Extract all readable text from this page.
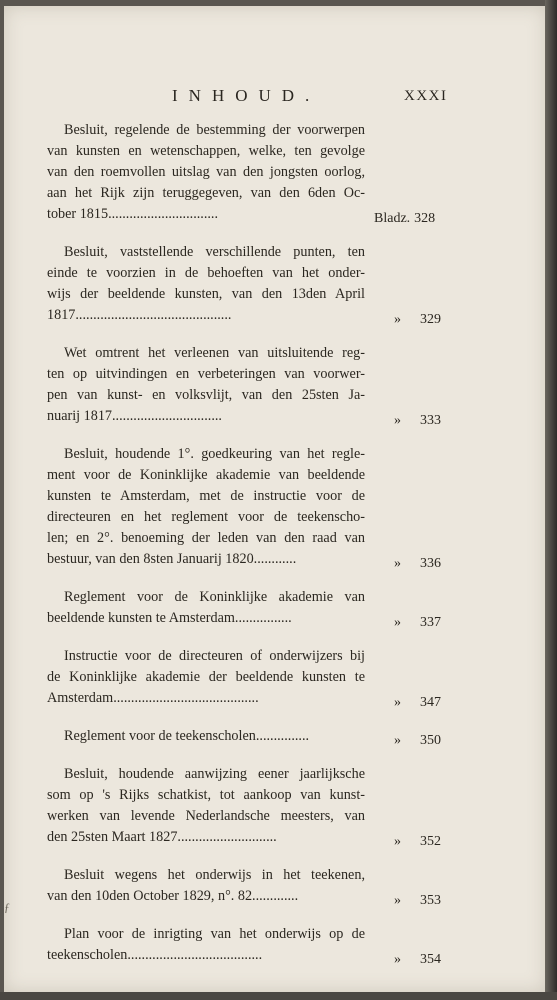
INHOUD.	XXXI
Besluit, regelende de bestemming der voorwerpen
van kunsten en wetenschappen, welke, ten gevolge
van den roemvollen uitslag van den jongsten oorlog,
aan het Rijk zijn teruggegeven, van den 6den Oc-
tober 1815...............................	Bladz. 328
Besluit, vaststellende verschillende punten, ten
einde te voorzien in de behoeften van het onder-
wijs der beeldende kunsten, van den 13den April
1817............................................	» 329
Wet omtrent het verleenen van uitsluitende reg-
ten op uitvindingen en verbeteringen van voorwer-
pen van kunst- en volksvlijt, van den 25sten Ja-
nuarij 1817...............................	» 333
Besluit, houdende 1°. goedkeuring van het regle-
ment voor de Koninklijke akademie van beeldende
kunsten te Amsterdam, met de instructie voor de
directeuren en het reglement voor de teekenscho-
len; en 2°. benoeming der leden van den raad van
bestuur, van den 8sten Januarij 1820............	» 336
Reglement voor de Koninklijke akademie van
beeldende kunsten te Amsterdam................	» 337
Instructie voor de directeuren of onderwijzers bij
de Koninklijke akademie der beeldende kunsten te
Amsterdam.........................................	» 347
Reglement voor de teekenscholen...............	» 350
Besluit, houdende aanwijzing eener jaarlijksche
som op 's Rijks schatkist, tot aankoop van kunst-
werken van levende Nederlandsche meesters, van
den 25sten Maart 1827............................	» 352
Besluit wegens het onderwijs in het teekenen,
van den 10den October 1829, n°. 82.............	» 353
Plan voor de inrigting van het onderwijs op de
teekenscholen......................................	» 354
ƒ
